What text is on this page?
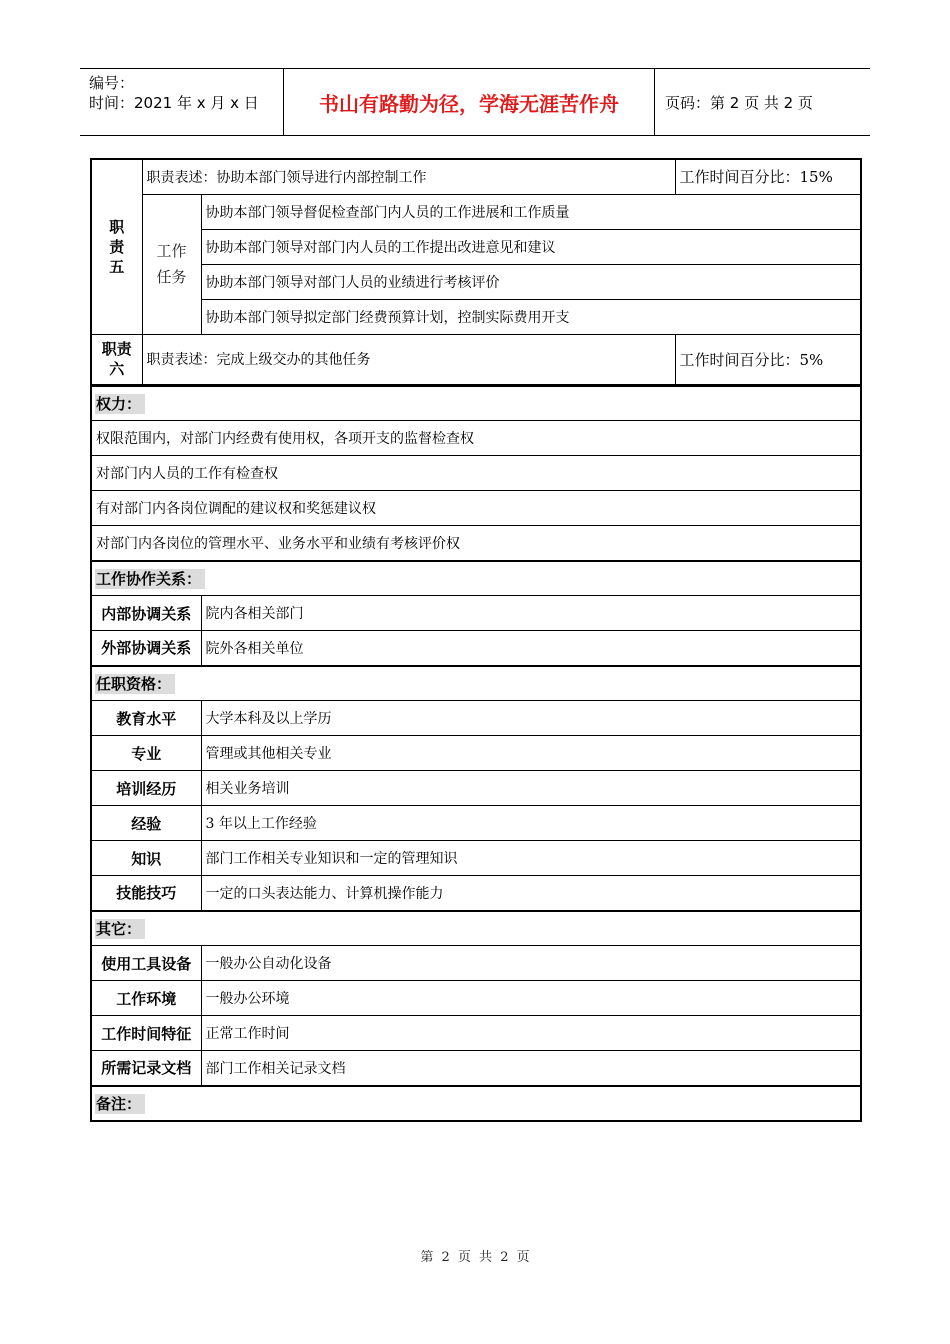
编号：
时间：2021 年 x 月 x 日	书山有路勤为径，学海无涯苦作舟	页码：第 2 页 共 2 页
职
责
五	职责表述：协助本部门领导进行内部控制工作		工作时间百分比：15%

	工作
任务	协助本部门领导督促检查部门内人员的工作进展和工作质量	
		协助本部门领导对部门内人员的工作提出改进意见和建议	
		协助本部门领导对部门人员的业绩进行考核评价	
		协助本部门领导拟定部门经费预算计划，控制实际费用开支	

职责
六	职责表述：完成上级交办的其他任务		工作时间百分比：5%
权力：	
权限范围内，对部门内经费有使用权，各项开支的监督检查权	
对部门内人员的工作有检查权	
有对部门内各岗位调配的建议权和奖惩建议权	
对部门内各岗位的管理水平、业务水平和业绩有考核评价权	
工作协作关系：	
内部协调关系	院内各相关部门
外部协调关系	院外各相关单位
任职资格：	
教育水平	大学本科及以上学历
专业	管理或其他相关专业
培训经历	相关业务培训
经验	3 年以上工作经验
知识	部门工作相关专业知识和一定的管理知识
技能技巧	一定的口头表达能力、计算机操作能力
其它：	
使用工具设备	一般办公自动化设备
工作环境	一般办公环境
工作时间特征	正常工作时间
所需记录文档	部门工作相关记录文档
备注：	
第 2 页 共 2 页
